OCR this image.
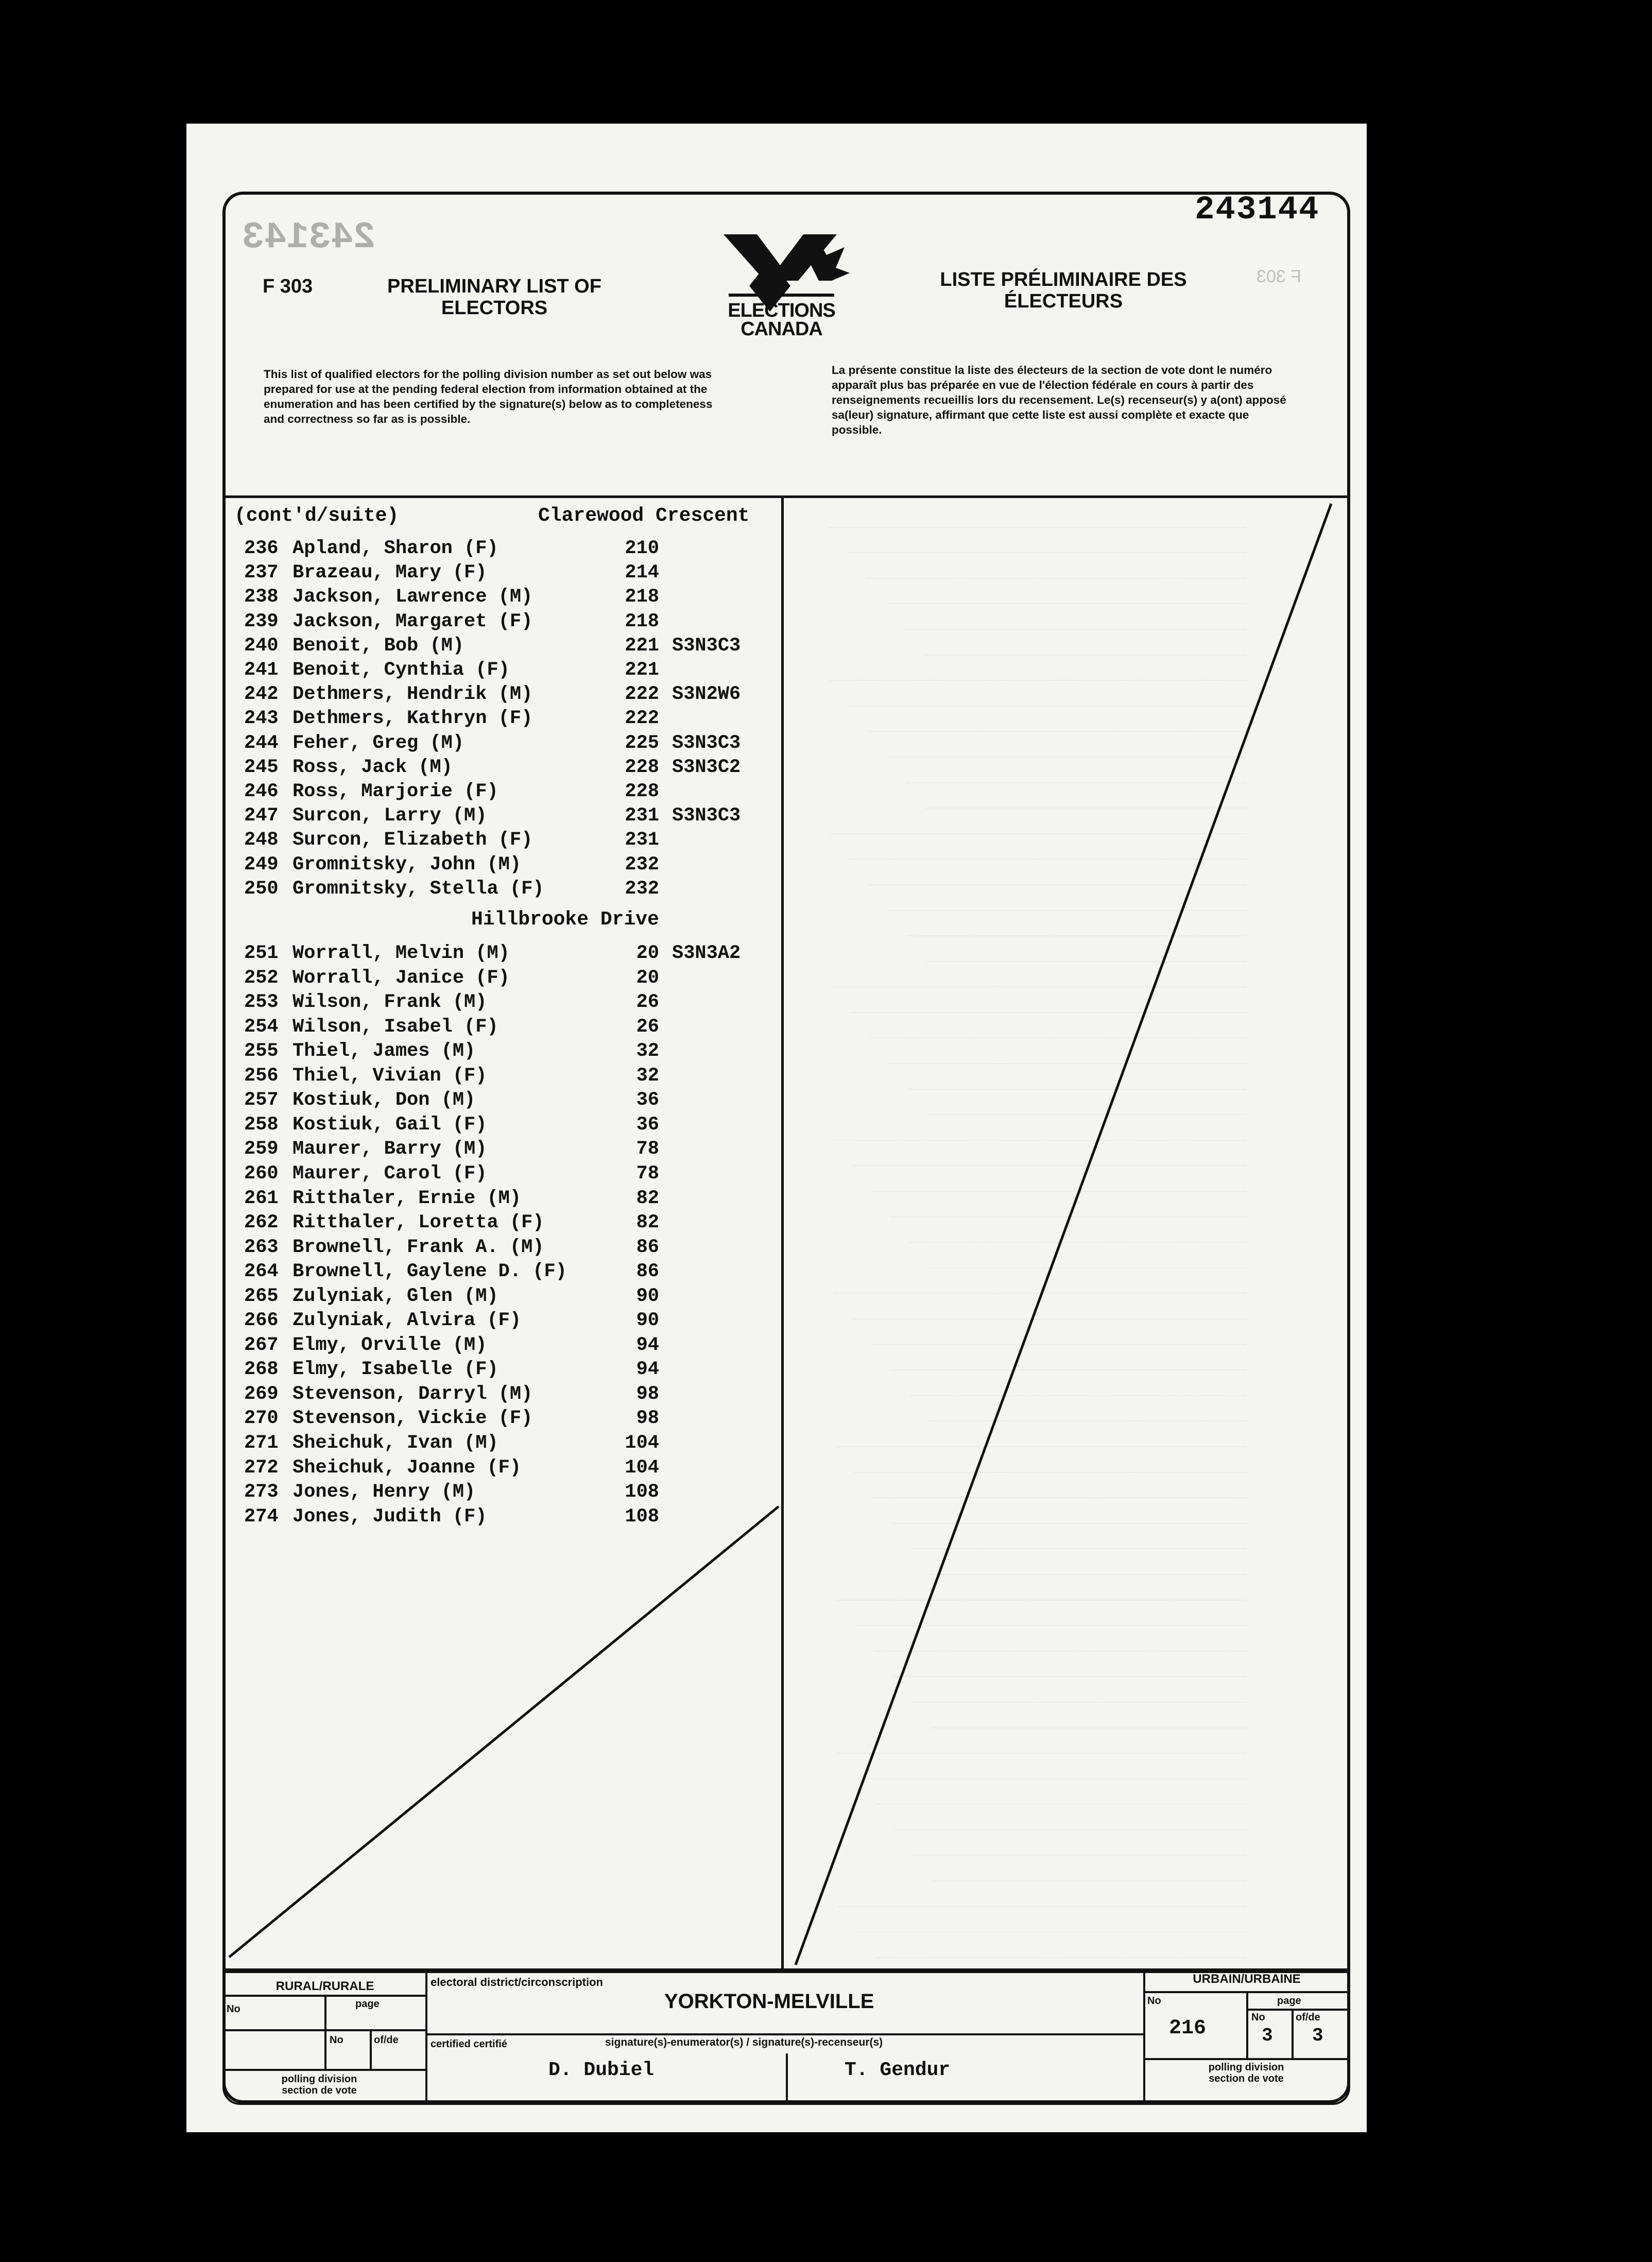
243144
243143
F 303	F 303
PRELIMINARY LIST OF ELECTORS
LISTE PRÉLIMINAIRE DES ÉLECTEURS
ELECTIONS CANADA
This list of qualified electors for the polling division number as set out below was prepared for use at the pending federal election from information obtained at the enumeration and has been certified by the signature(s) below as to completeness and correctness so far as is possible.
La présente constitue la liste des électeurs de la section de vote dont le numéro apparaît plus bas préparée en vue de l'élection fédérale en cours à partir des renseignements recueillis lors du recensement. Le(s) recenseur(s) y a(ont) apposé sa(leur) signature, affirmant que cette liste est aussi complète et exacte que possible.
(cont'd/suite)	Clarewood Crescent
236 Apland, Sharon (F)	210
237 Brazeau, Mary (F)	214
238 Jackson, Lawrence (M)	218
239 Jackson, Margaret (F)	218
240 Benoit, Bob (M)	221 S3N3C3
241 Benoit, Cynthia (F)	221
242 Dethmers, Hendrik (M)	222 S3N2W6
243 Dethmers, Kathryn (F)	222
244 Feher, Greg (M)	225 S3N3C3
245 Ross, Jack (M)	228 S3N3C2
246 Ross, Marjorie (F)	228
247 Surcon, Larry (M)	231 S3N3C3
248 Surcon, Elizabeth (F)	231
249 Gromnitsky, John (M)	232
250 Gromnitsky, Stella (F)	232
Hillbrooke Drive
251 Worrall, Melvin (M)	20 S3N3A2
252 Worrall, Janice (F)	20
253 Wilson, Frank (M)	26
254 Wilson, Isabel (F)	26
255 Thiel, James (M)	32
256 Thiel, Vivian (F)	32
257 Kostiuk, Don (M)	36
258 Kostiuk, Gail (F)	36
259 Maurer, Barry (M)	78
260 Maurer, Carol (F)	78
261 Ritthaler, Ernie (M)	82
262 Ritthaler, Loretta (F)	82
263 Brownell, Frank A. (M)	86
264 Brownell, Gaylene D. (F)	86
265 Zulyniak, Glen (M)	90
266 Zulyniak, Alvira (F)	90
267 Elmy, Orville (M)	94
268 Elmy, Isabelle (F)	94
269 Stevenson, Darryl (M)	98
270 Stevenson, Vickie (F)	98
271 Sheichuk, Ivan (M)	104
272 Sheichuk, Joanne (F)	104
273 Jones, Henry (M)	108
274 Jones, Judith (F)	108
RURAL/RURALE
No	page
No	of/de
polling division section de vote
electoral district/circonscription
YORKTON-MELVILLE
certified certifié	signature(s)-enumerator(s) / signature(s)-recenseur(s)
D. Dubiel	T. Gendur
URBAIN/URBAINE
No	page
No	of/de
216	3 3
polling division section de vote
